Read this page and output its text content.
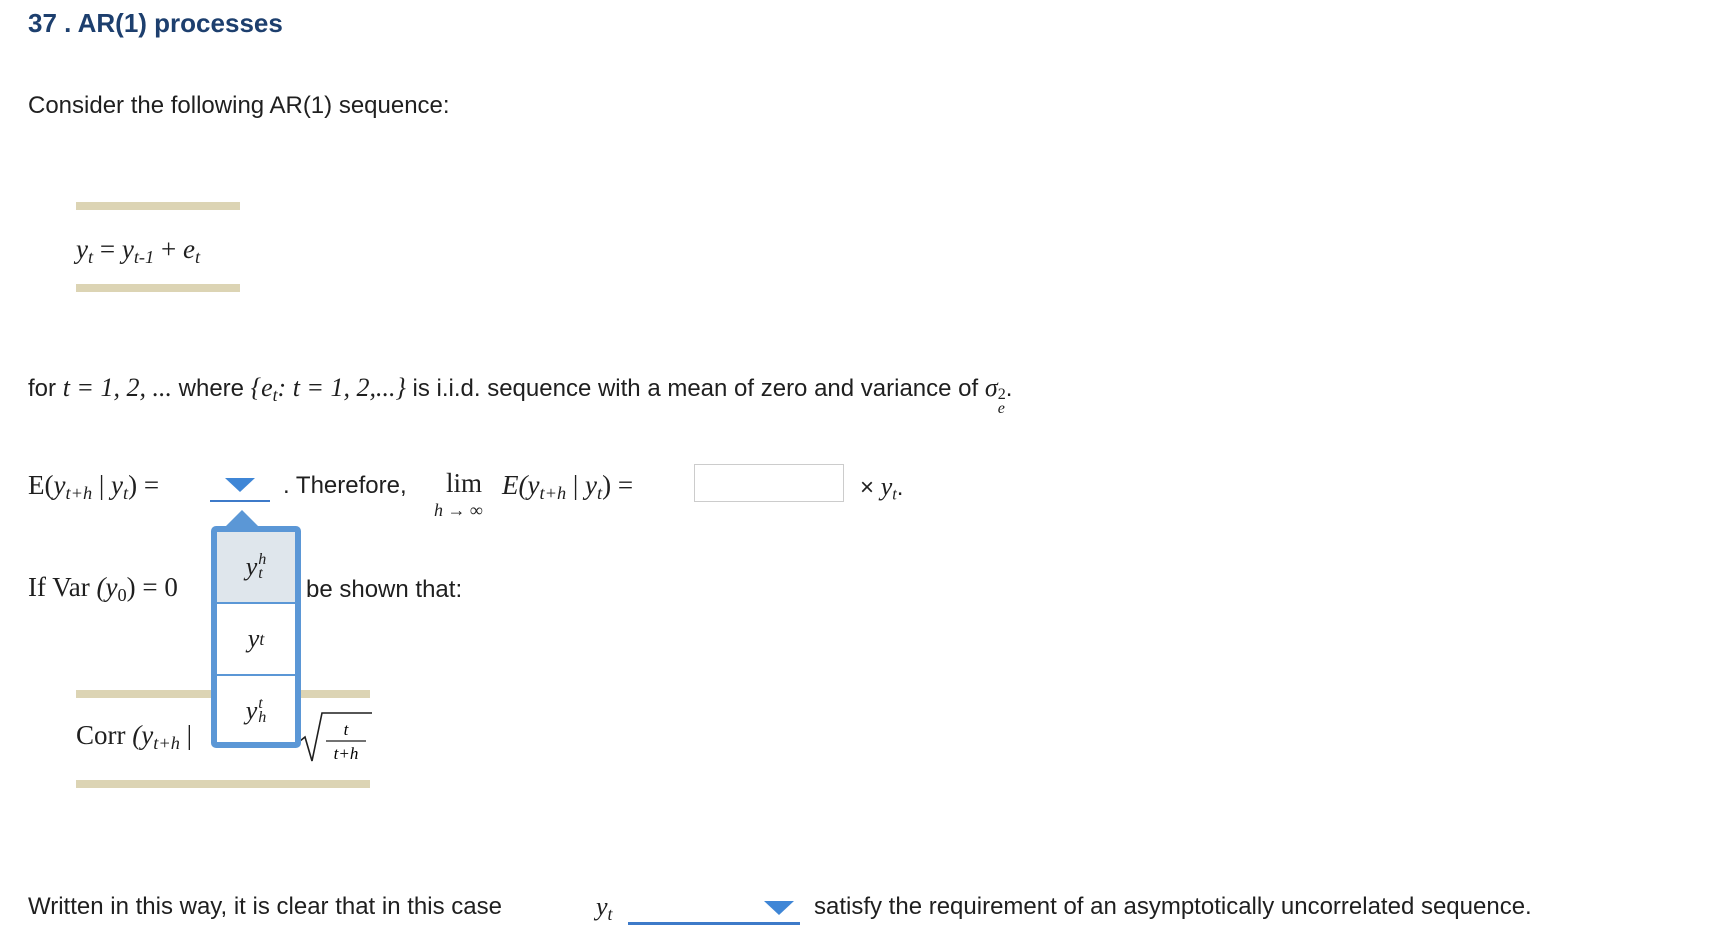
37 . AR(1) processes
Consider the following AR(1) sequence:
$y_t = y_{t-1} + e_t$
for t = 1, 2, ... where {$e_t$: t = 1, 2,...} is i.i.d. sequence with a mean of zero and variance of σ 2
e
.
$E(y_{t+h}$ | $y_t$) =	. Therefore, lim
h → ∞
$E(y_{t+h}$ | $y_t$) =	× $y_t$.
If Var $(y_0) = 0$	be shown that:
Corr ($y_{t+h}$ |	t
t+h
y h
t
y t
y t
h
Written in this way, it is clear that in this case	$y_t$	satisfy the requirement of an asymptotically uncorrelated sequence.
